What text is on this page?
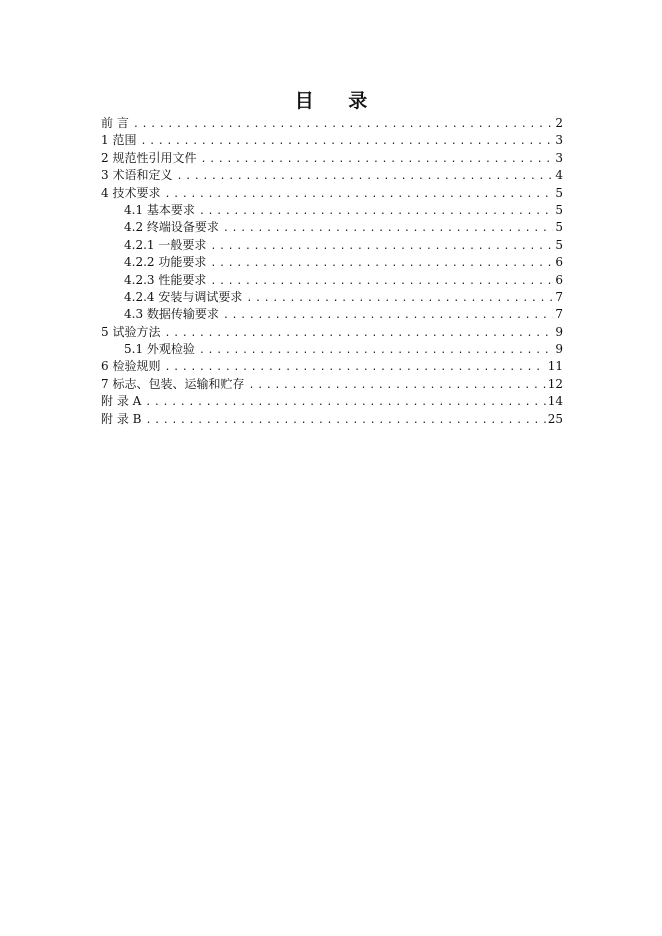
目 录
前 言 .....	2
1 范围 .....	3
2 规范性引用文件 .....	3
3 术语和定义 .....	4
4 技术要求 .....	5
4.1 基本要求 .....	5
4.2 终端设备要求 .....	5
4.2.1 一般要求 .....	5
4.2.2 功能要求 .....	6
4.2.3 性能要求 .....	6
4.2.4 安装与调试要求 .....	7
4.3 数据传输要求 .....	7
5 试验方法 .....	9
5.1 外观检验 .....	9
6 检验规则 .....	11
7 标志、包装、运输和贮存 .....	12
附 录 A .....	14
附 录 B .....	25
